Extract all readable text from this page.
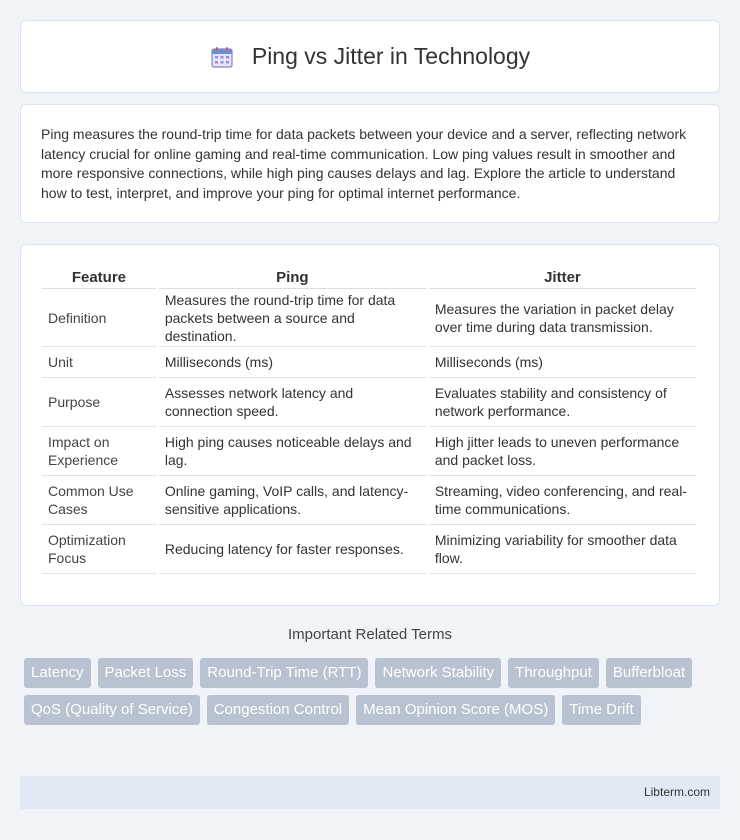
Ping vs Jitter in Technology

Ping measures the round-trip time for data packets between your device and a server, reflecting network latency crucial for online gaming and real-time communication. Low ping values result in smoother and more responsive connections, while high ping causes delays and lag. Explore the article to understand how to test, interpret, and improve your ping for optimal internet performance.

Feature	Ping	Jitter
Definition	Measures the round-trip time for data packets between a source and destination.	Measures the variation in packet delay over time during data transmission.
Unit	Milliseconds (ms)	Milliseconds (ms)
Purpose	Assesses network latency and connection speed.	Evaluates stability and consistency of network performance.
Impact on Experience	High ping causes noticeable delays and lag.	High jitter leads to uneven performance and packet loss.
Common Use Cases	Online gaming, VoIP calls, and latency-sensitive applications.	Streaming, video conferencing, and real-time communications.
Optimization Focus	Reducing latency for faster responses.	Minimizing variability for smoother data flow.
Important Related Terms
Latency	Packet Loss	Round-Trip Time (RTT)	Network Stability	Throughput	Bufferbloat
QoS (Quality of Service)	Congestion Control	Mean Opinion Score (MOS)	Time Drift
Libterm.com
